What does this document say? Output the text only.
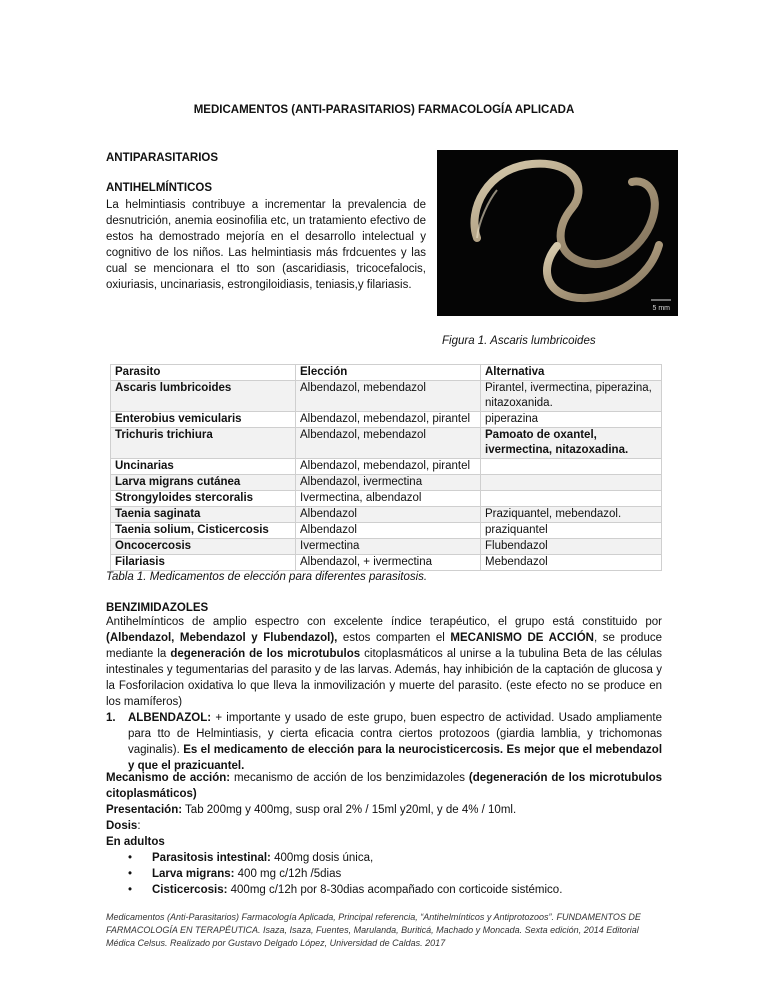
MEDICAMENTOS (ANTI-PARASITARIOS) FARMACOLOGÍA APLICADA
ANTIPARASITARIOS
ANTIHELMÍNTICOS
La helmintiasis contribuye a incrementar la prevalencia de desnutrición, anemia eosinofilia etc, un tratamiento efectivo de estos ha demostrado mejoría en el desarrollo intelectual y cognitivo de los niños. Las helmintiasis más frdcuentes y las cual se mencionara el tto son (ascaridiasis, tricocefalocis, oxiuriasis, uncinariasis, estrongiloidiasis, teniasis,y filariasis.
5 mm
Figura 1. Ascaris lumbricoides
Parasito	Elección	Alternativa
Ascaris lumbricoides	Albendazol, mebendazol	Pirantel, ivermectina, piperazina, nitazoxanida.
Enterobius vemicularis	Albendazol, mebendazol, pirantel	piperazina
Trichuris trichiura	Albendazol, mebendazol	Pamoato de oxantel, ivermectina, nitazoxadina.
Uncinarias	Albendazol, mebendazol, pirantel	
Larva migrans cutánea	Albendazol, ivermectina	
Strongyloides stercoralis	Ivermectina, albendazol	
Taenia saginata	Albendazol	Praziquantel, mebendazol.
Taenia solium, Cisticercosis	Albendazol	praziquantel
Oncocercosis	Ivermectina	Flubendazol
Filariasis	Albendazol, + ivermectina	Mebendazol
Tabla 1. Medicamentos de elección para diferentes parasitosis.
BENZIMIDAZOLES
Antihelmínticos de amplio espectro con excelente índice terapéutico, el grupo está constituido por (Albendazol, Mebendazol y Flubendazol), estos comparten el MECANISMO DE ACCIÓN, se produce mediante la degeneración de los microtubulos citoplasmáticos al unirse a la tubulina Beta de las células intestinales y tegumentarias del parasito y de las larvas. Además, hay inhibición de la captación de glucosa y la Fosforilacion oxidativa lo que lleva la inmovilización y muerte del parasito. (este efecto no se produce en los mamíferos)
1. ALBENDAZOL: + importante y usado de este grupo, buen espectro de actividad. Usado ampliamente para tto de Helmintiasis, y cierta eficacia contra ciertos protozoos (giardia lamblia, y trichomonas vaginalis). Es el medicamento de elección para la neurocisticercosis. Es mejor que el mebendazol y que el prazicuantel.
Mecanismo de acción: mecanismo de acción de los benzimidazoles (degeneración de los microtubulos citoplasmáticos)
Presentación: Tab 200mg y 400mg, susp oral 2% / 15ml y20ml, y de 4% / 10ml.
Dosis:
En adultos
• Parasitosis intestinal: 400mg dosis única,
• Larva migrans: 400 mg c/12h /5dias
• Cisticercosis: 400mg c/12h por 8-30dias acompañado con corticoide sistémico.
Medicamentos (Anti-Parasitarios) Farmacología Aplicada, Principal referencia, “Antihelmínticos y Antiprotozoos”. FUNDAMENTOS DE FARMACOLOGÍA EN TERAPÉUTICA. Isaza, Isaza, Fuentes, Marulanda, Buriticá, Machado y Moncada. Sexta edición, 2014 Editorial Médica Celsus. Realizado por Gustavo Delgado López, Universidad de Caldas. 2017
